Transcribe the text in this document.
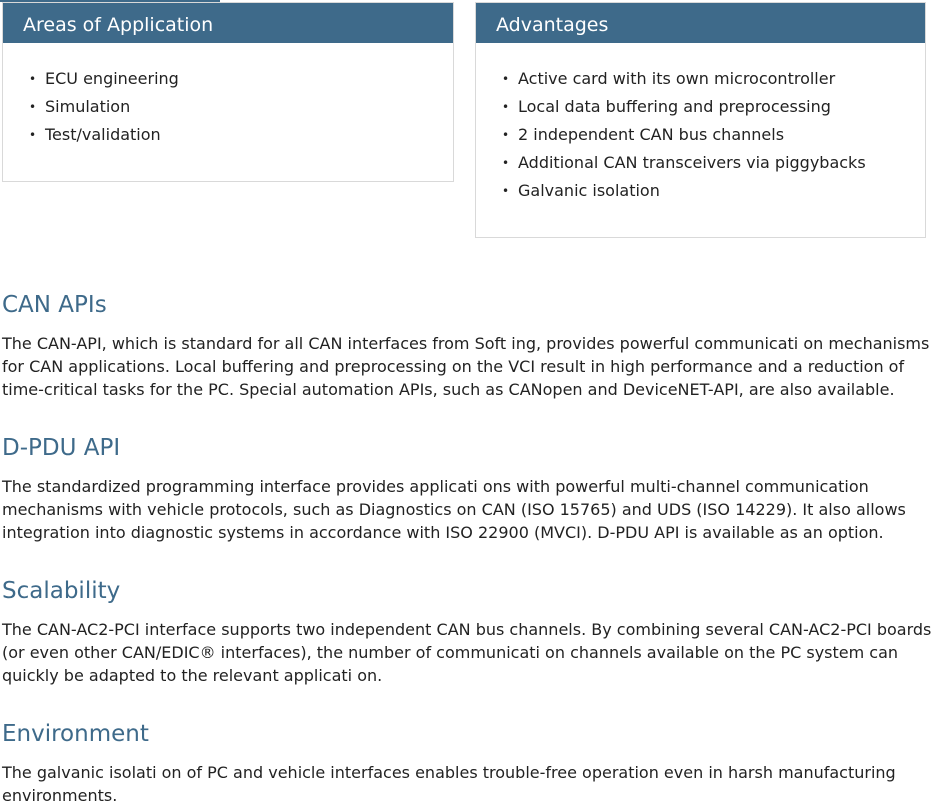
Areas of Application
• ECU engineering
• Simulation
• Test/validation
Advantages
• Active card with its own microcontroller
• Local data buffering and preprocessing
• 2 independent CAN bus channels
• Additional CAN transceivers via piggybacks
• Galvanic isolation
CAN APIs

The CAN-API, which is standard for all CAN interfaces from Soft ing, provides powerful communicati on mechanisms for CAN applications. Local buffering and preprocessing on the VCI result in high performance and a reduction of time-critical tasks for the PC. Special automation APIs, such as CANopen and DeviceNET-API, are also available.

D-PDU API

The standardized programming interface provides applicati ons with powerful multi-channel communication mechanisms with vehicle protocols, such as Diagnostics on CAN (ISO 15765) and UDS (ISO 14229). It also allows integration into diagnostic systems in accordance with ISO 22900 (MVCI). D-PDU API is available as an option.

Scalability

The CAN-AC2-PCI interface supports two independent CAN bus channels. By combining several CAN-AC2-PCI boards (or even other CAN/EDIC® interfaces), the number of communicati on channels available on the PC system can quickly be adapted to the relevant applicati on.

Environment

The galvanic isolati on of PC and vehicle interfaces enables trouble-free operation even in harsh manufacturing environments.
